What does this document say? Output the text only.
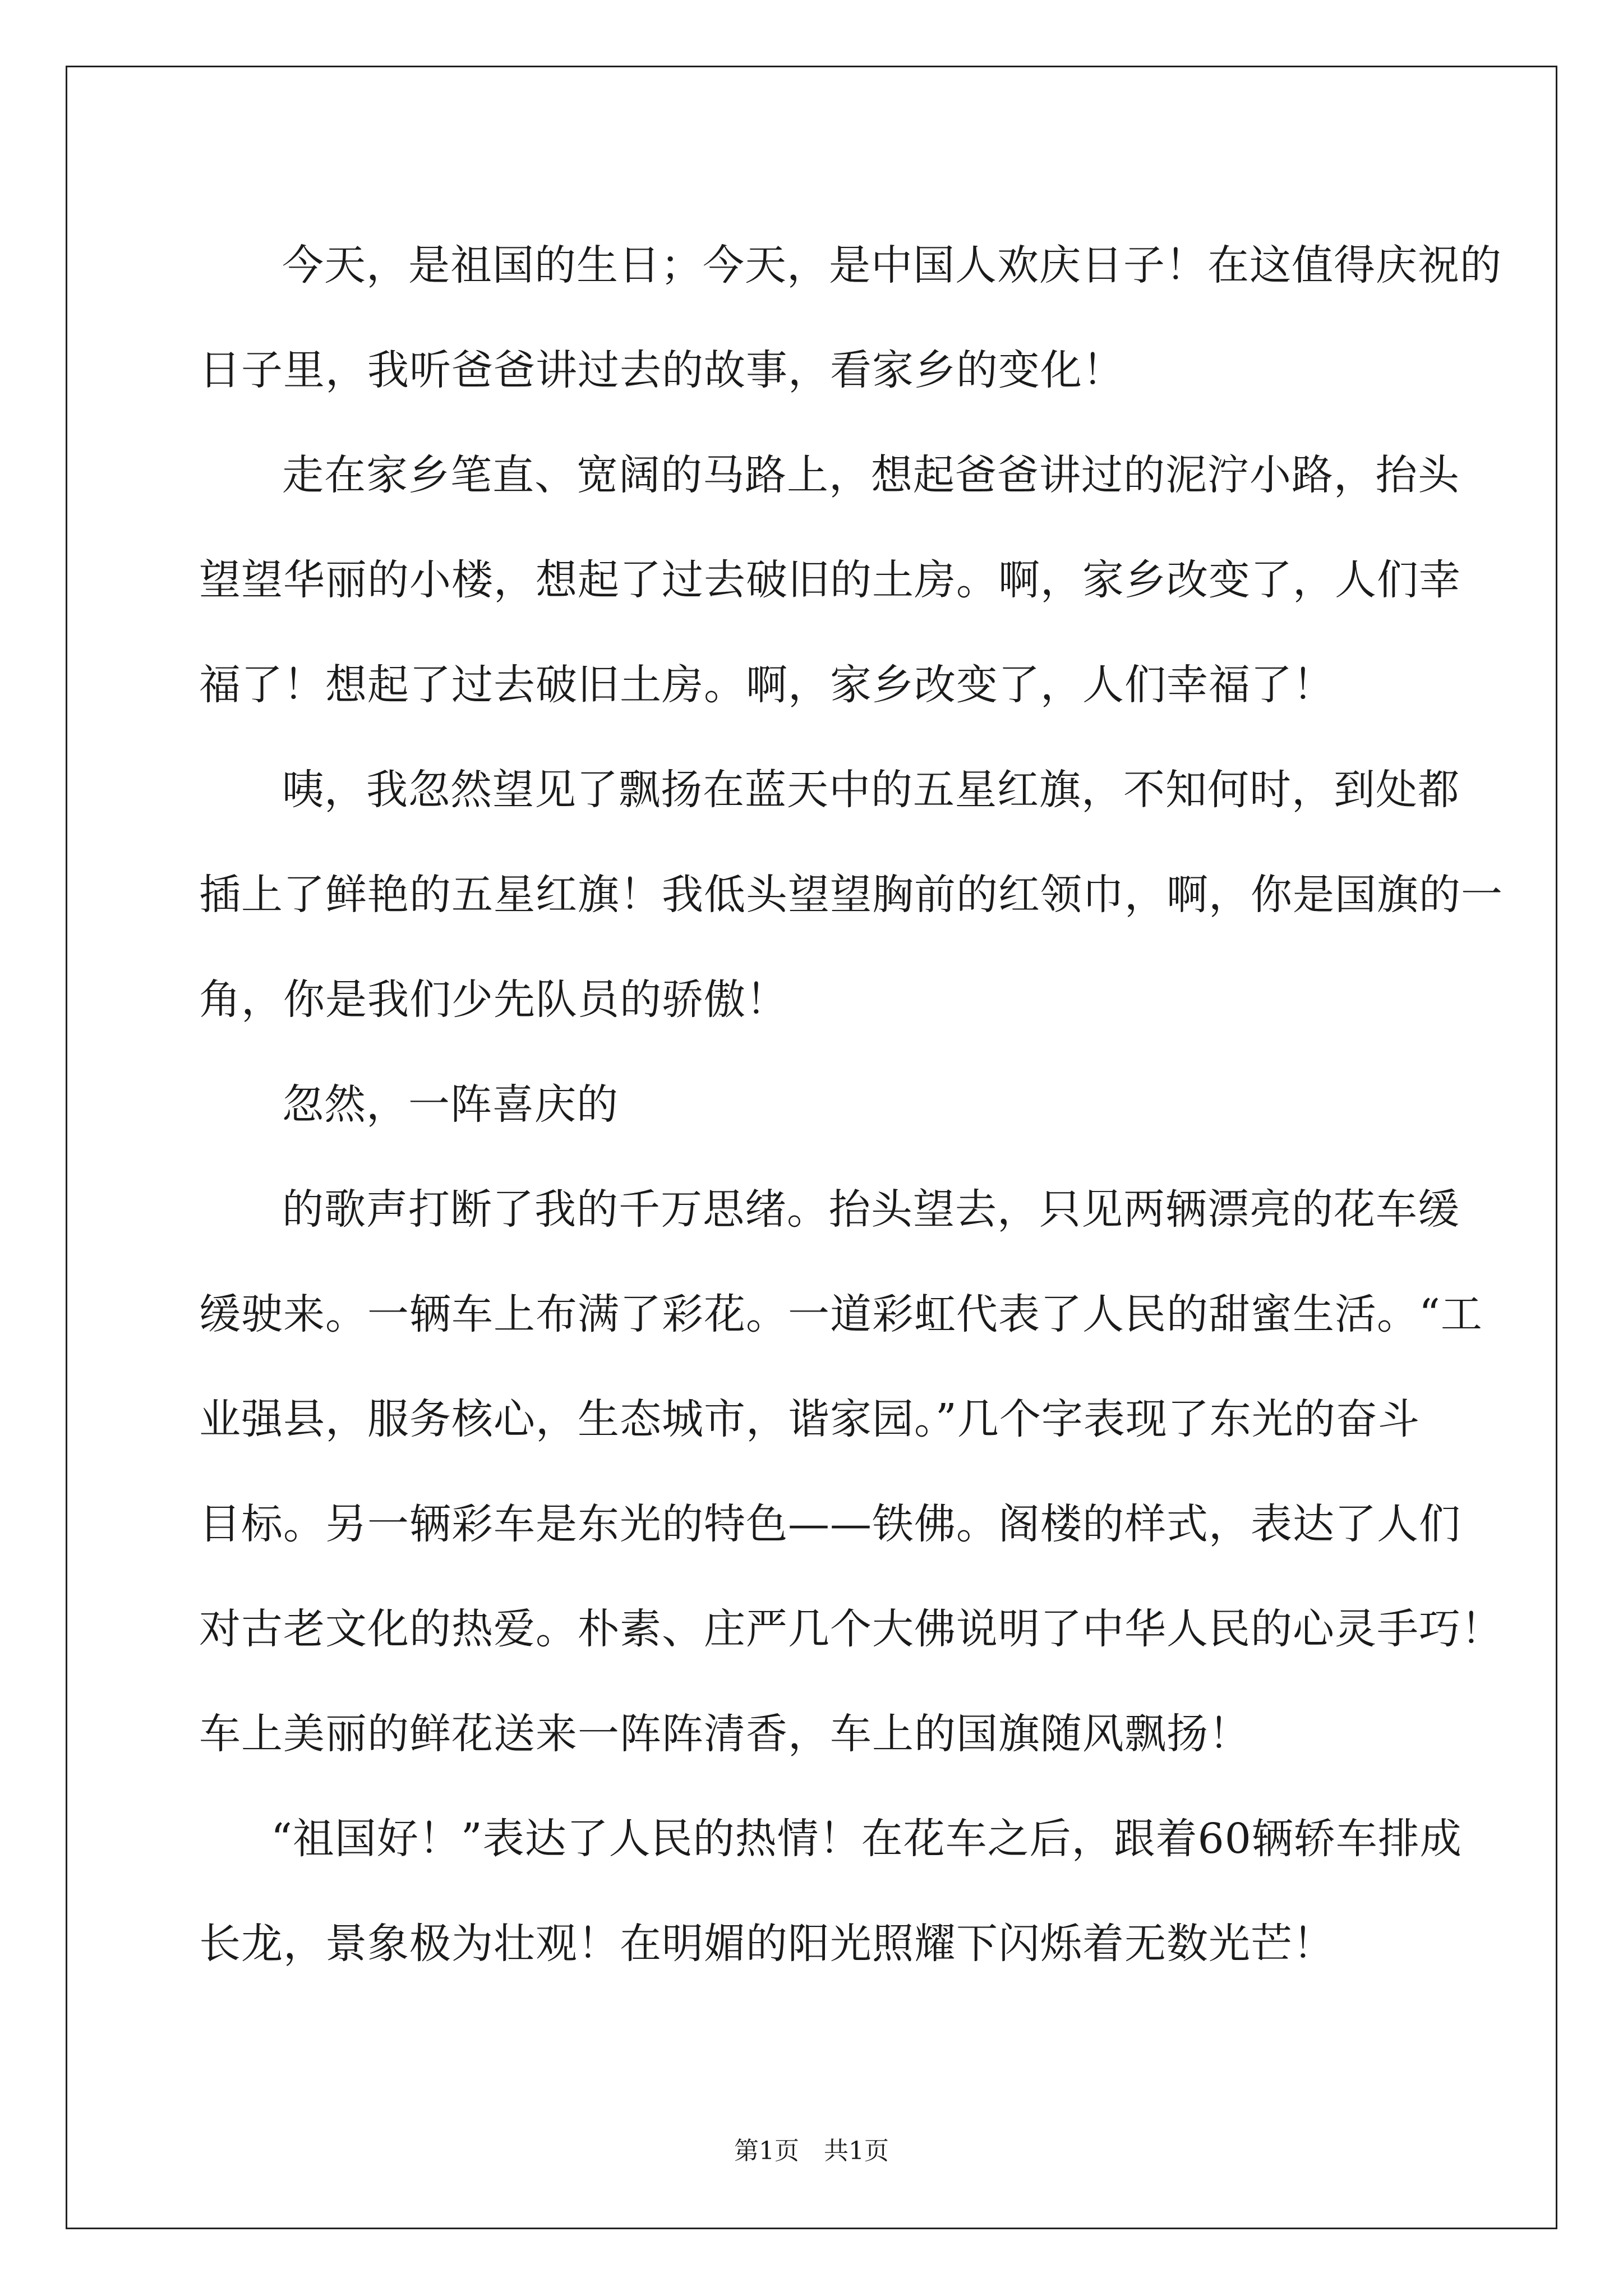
今天，是祖国的生日；今天，是中国人欢庆日子！在这值得庆祝的
日子里，我听爸爸讲过去的故事，看家乡的变化！
走在家乡笔直、宽阔的马路上，想起爸爸讲过的泥泞小路，抬头
望望华丽的小楼，想起了过去破旧的土房。啊，家乡改变了，人们幸
福了！想起了过去破旧土房。啊，家乡改变了，人们幸福了！
咦，我忽然望见了飘扬在蓝天中的五星红旗，不知何时，到处都
插上了鲜艳的五星红旗！我低头望望胸前的红领巾，啊，你是国旗的一
角，你是我们少先队员的骄傲！
忽然，一阵喜庆的
的歌声打断了我的千万思绪。抬头望去，只见两辆漂亮的花车缓
缓驶来。一辆车上布满了彩花。一道彩虹代表了人民的甜蜜生活。“工
业强县，服务核心，生态城市，谐家园。”几个字表现了东光的奋斗
目标。另一辆彩车是东光的特色——铁佛。阁楼的样式，表达了人们
对古老文化的热爱。朴素、庄严几个大佛说明了中华人民的心灵手巧！
车上美丽的鲜花送来一阵阵清香，车上的国旗随风飘扬！
“祖国好！”表达了人民的热情！在花车之后，跟着60辆轿车排成
长龙，景象极为壮观！在明媚的阳光照耀下闪烁着无数光芒！
第1页　共1页
